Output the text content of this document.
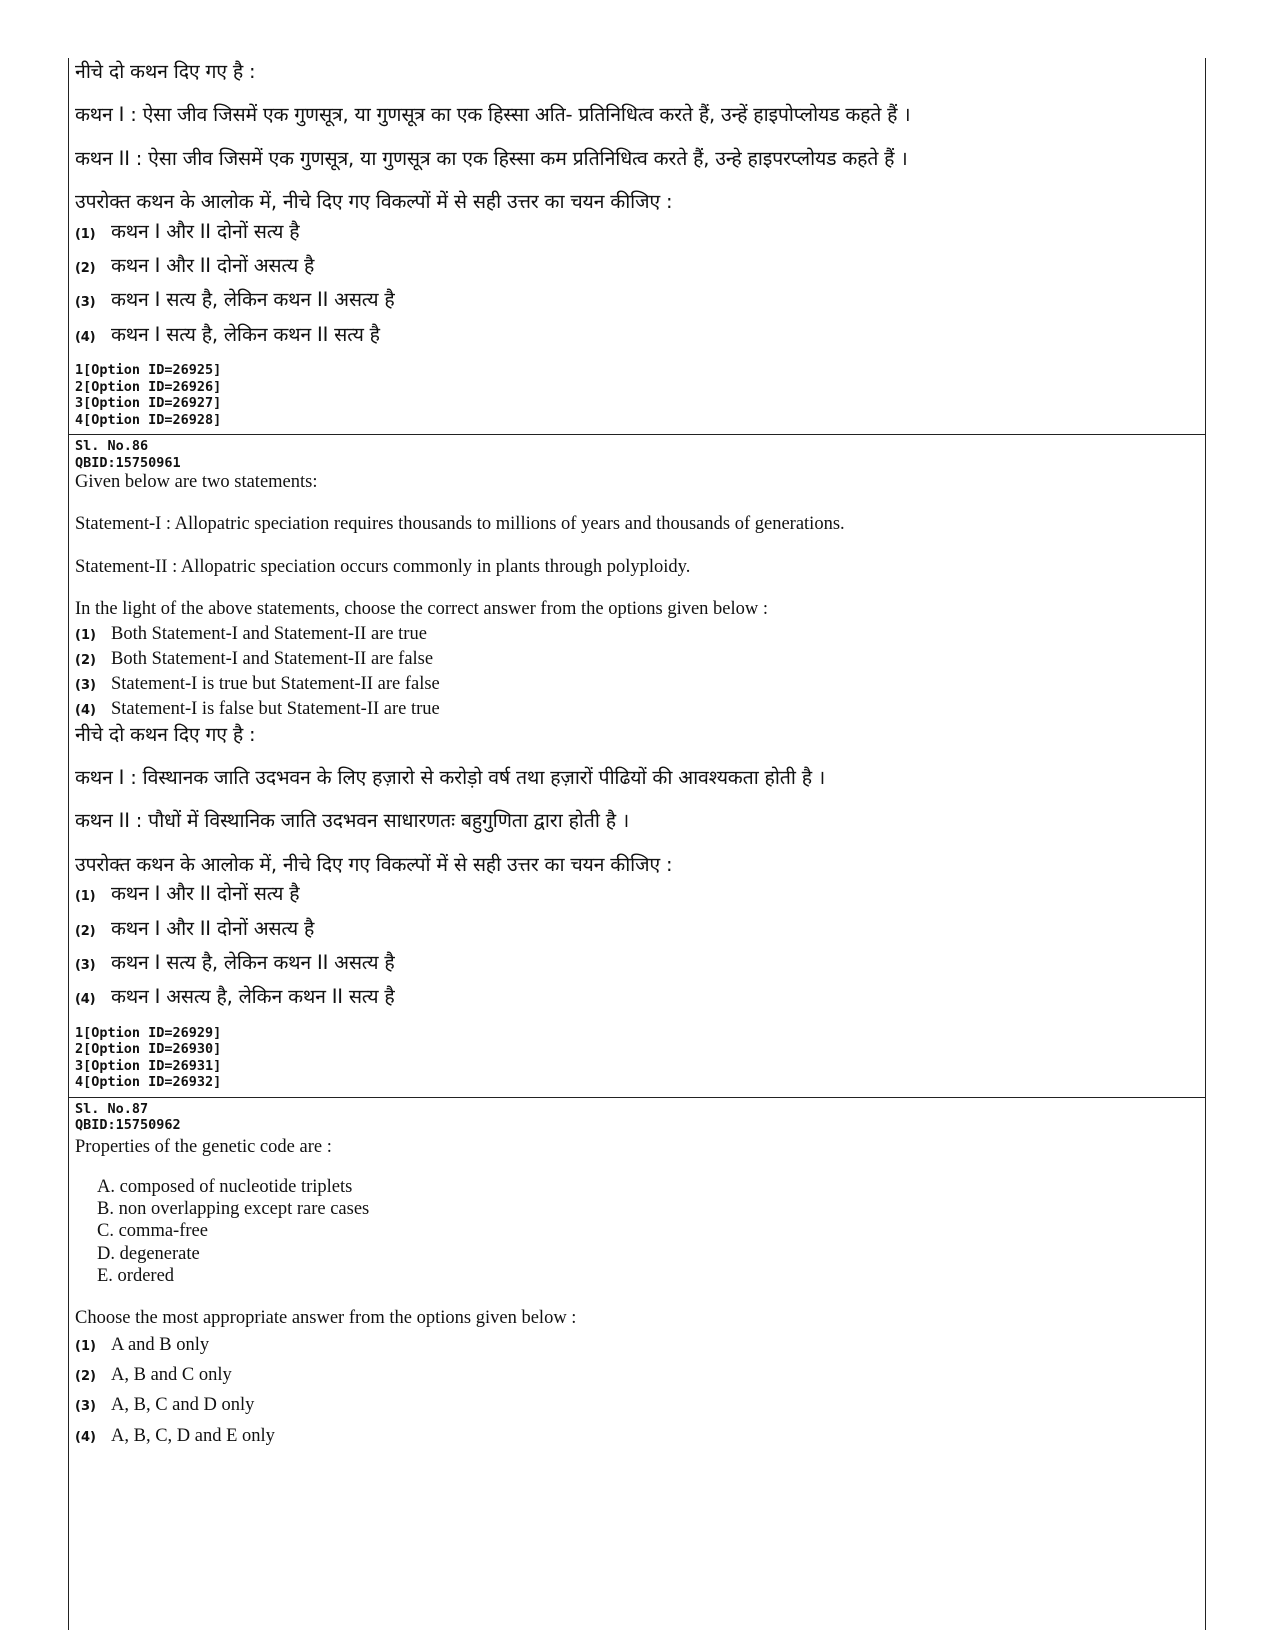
नीचे दो कथन दिए गए है :

कथन I : ऐसा जीव जिसमें एक गुणसूत्र, या गुणसूत्र का एक हिस्सा अति- प्रतिनिधित्व करते हैं, उन्हें हाइपोप्लोयड कहते हैं ।

कथन II : ऐसा जीव जिसमें एक गुणसूत्र, या गुणसूत्र का एक हिस्सा कम प्रतिनिधित्व करते हैं, उन्हे हाइपरप्लोयड कहते हैं ।

उपरोक्त कथन के आलोक में, नीचे दिए गए विकल्पों में से सही उत्तर का चयन कीजिए :

(1) कथन I और II दोनों सत्य है
(2) कथन I और II दोनों असत्य है
(3) कथन I सत्य है, लेकिन कथन II असत्य है
(4) कथन I सत्य है, लेकिन कथन II सत्य है

1[Option ID=26925]

2[Option ID=26926]

3[Option ID=26927]

4[Option ID=26928]

Sl. No.86

QBID:15750961

Given below are two statements:

Statement-I : Allopatric speciation requires thousands to millions of years and thousands of generations.

Statement-II : Allopatric speciation occurs commonly in plants through polyploidy.

In the light of the above statements, choose the correct answer from the options given below :

(1) Both Statement-I and Statement-II are true
(2) Both Statement-I and Statement-II are false
(3) Statement-I is true but Statement-II are false
(4) Statement-I is false but Statement-II are true

नीचे दो कथन दिए गए है :

कथन I : विस्थानक जाति उदभवन के लिए हज़ारो से करोड़ो वर्ष तथा हज़ारों पीढियों की आवश्यकता होती है ।

कथन II : पौधों में विस्थानिक जाति उदभवन साधारणतः बहुगुणिता द्वारा होती है ।

उपरोक्त कथन के आलोक में, नीचे दिए गए विकल्पों में से सही उत्तर का चयन कीजिए :

(1) कथन I और II दोनों सत्य है
(2) कथन I और II दोनों असत्य है
(3) कथन I सत्य है, लेकिन कथन II असत्य है
(4) कथन I असत्य है, लेकिन कथन II सत्य है

1[Option ID=26929]

2[Option ID=26930]

3[Option ID=26931]

4[Option ID=26932]

Sl. No.87

QBID:15750962

Properties of the genetic code are :

A. composed of nucleotide triplets
B. non overlapping except rare cases
C. comma-free
D. degenerate
E. ordered

Choose the most appropriate answer from the options given below :

(1) A and B only
(2) A, B and C only
(3) A, B, C and D only
(4) A, B, C, D and E only
